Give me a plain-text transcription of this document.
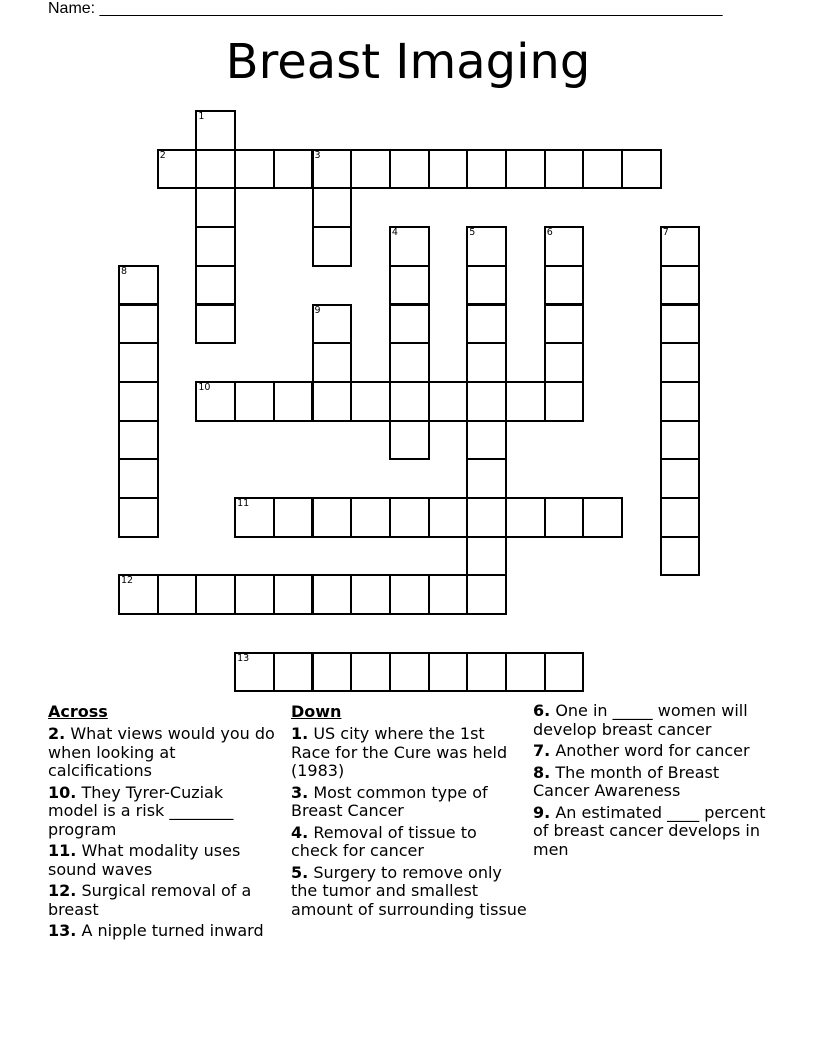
Name: ______________________________________________________________________
Breast Imaging
1
2	3
4	5	6	7
8
9
10
11
12
13
Across
2. What views would you do when looking at calcifications
10. They Tyrer-Cuziak model is a risk ________ program
11. What modality uses sound waves
12. Surgical removal of a breast
13. A nipple turned inward
Down
1. US city where the 1st Race for the Cure was held (1983)
3. Most common type of Breast Cancer
4. Removal of tissue to check for cancer
5. Surgery to remove only the tumor and smallest amount of surrounding tissue
6. One in _____ women will develop breast cancer
7. Another word for cancer
8. The month of Breast Cancer Awareness
9. An estimated ____ percent of breast cancer develops in men
